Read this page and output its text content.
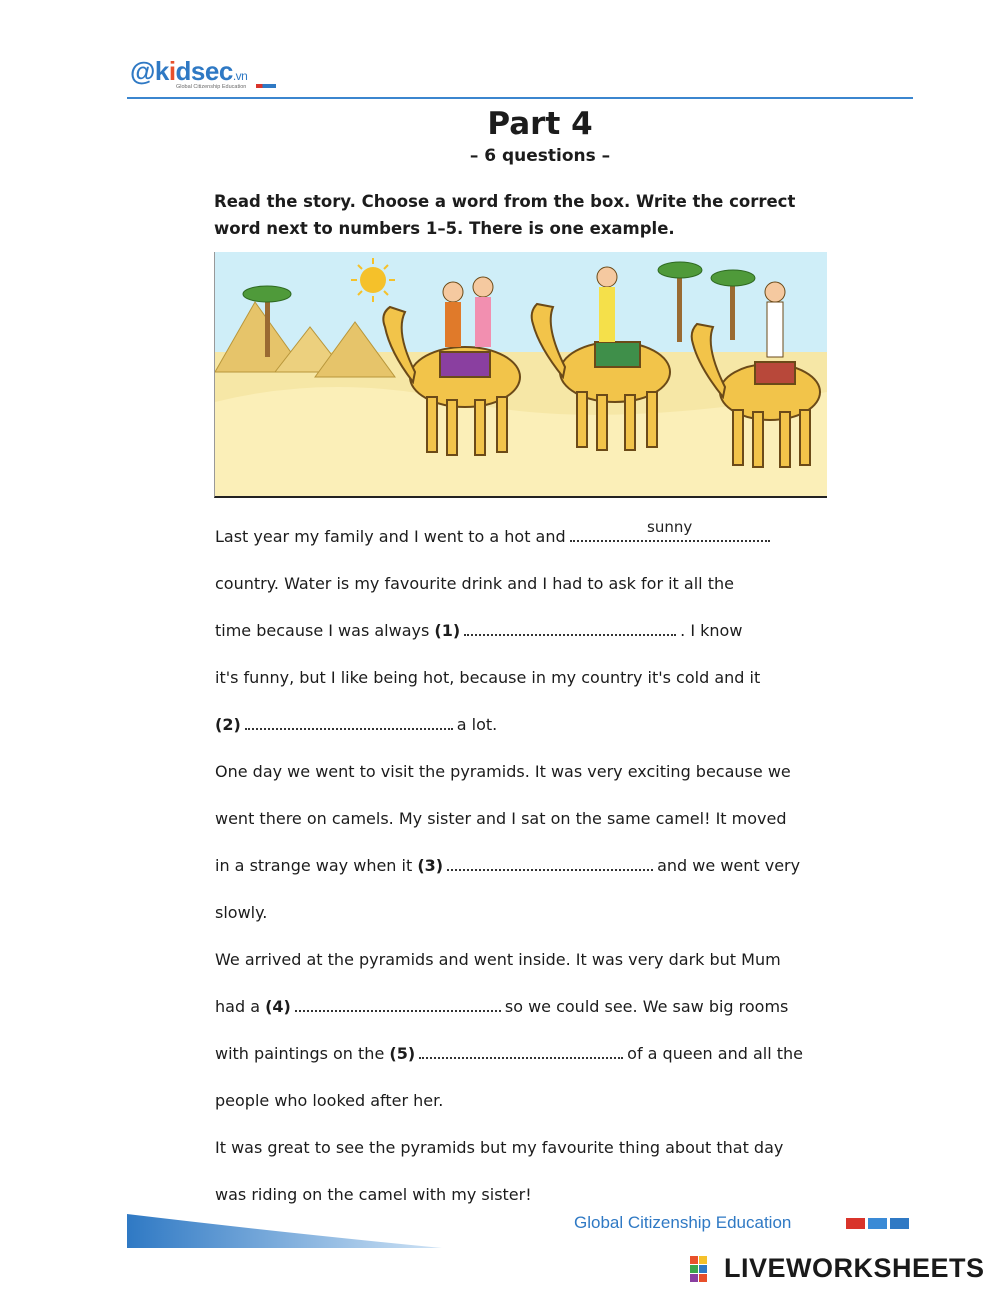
@kidsec.vn
Global Citizenship Education
Part 4
– 6 questions –
Read the story. Choose a word from the box. Write the correct word next to numbers 1–5. There is one example.
Last year my family and I went to a hot and	sunny
country. Water is my favourite drink and I had to ask for it all the
time because I was always (1)	. I know
it's funny, but I like being hot, because in my country it's cold and it
(2)	a lot.
One day we went to visit the pyramids. It was very exciting because we
went there on camels. My sister and I sat on the same camel! It moved
in a strange way when it (3)	and we went very
slowly.
We arrived at the pyramids and went inside. It was very dark but Mum
had a (4)	so we could see. We saw big rooms
with paintings on the (5)	of a queen and all the
people who looked after her.
It was great to see the pyramids but my favourite thing about that day
was riding on the camel with my sister!
Global Citizenship Education
LIVEWORKSHEETS
